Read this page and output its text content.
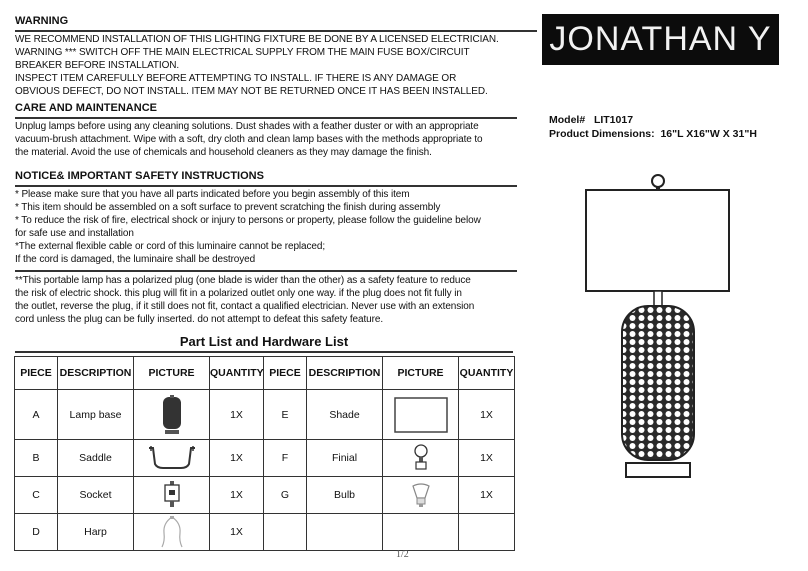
WARNING
WE RECOMMEND INSTALLATION OF THIS LIGHTING FIXTURE BE DONE BY A LICENSED ELECTRICIAN.
WARNING *** SWITCH OFF THE MAIN ELECTRICAL SUPPLY FROM THE MAIN FUSE BOX/CIRCUIT
BREAKER BEFORE INSTALLATION.
INSPECT ITEM CAREFULLY BEFORE ATTEMPTING TO INSTALL. IF THERE IS ANY DAMAGE OR
OBVIOUS DEFECT, DO NOT INSTALL. ITEM MAY NOT BE RETURNED ONCE IT HAS BEEN INSTALLED.
CARE AND MAINTENANCE
Unplug lamps before using any cleaning solutions. Dust shades with a feather duster or with an appropriate
vacuum-brush attachment. Wipe with a soft, dry cloth and clean lamp bases with the methods appropriate to
the material. Avoid the use of chemicals and household cleaners as they may damage the finish.
NOTICE& IMPORTANT SAFETY INSTRUCTIONS
* Please make sure that you have all parts indicated before you begin assembly of this item
* This item should be assembled on a soft surface to prevent scratching the finish during assembly
* To reduce the risk of fire, electrical shock or injury to persons or property, please follow the guideline below
for safe use and installation
*The external flexible cable or cord of this luminaire cannot be replaced;
If the cord is damaged, the luminaire shall be destroyed
**This portable lamp has a polarized plug (one blade is wider than the other) as a safety feature to reduce
the risk of electric shock. this plug will fit in a polarized outlet only one way. if the plug does not fit fully in
the outlet, reverse the plug, if it still does not fit, contact a qualified electrician. Never use with an extension
cord unless the plug can be fully inserted. do not attempt to defeat this safety feature.
JONATHAN Y
Model# LIT1017
Product Dimensions: 16"L X16"W X 31"H
Part List and Hardware List
PIECE	DESCRIPTION	PICTURE	QUANTITY	PIECE	DESCRIPTION	PICTURE	QUANTITY
A	Lamp base		1X	E	Shade		1X
B	Saddle		1X	F	Finial		1X
C	Socket		1X	G	Bulb		1X
D	Harp		1X				
1/2
